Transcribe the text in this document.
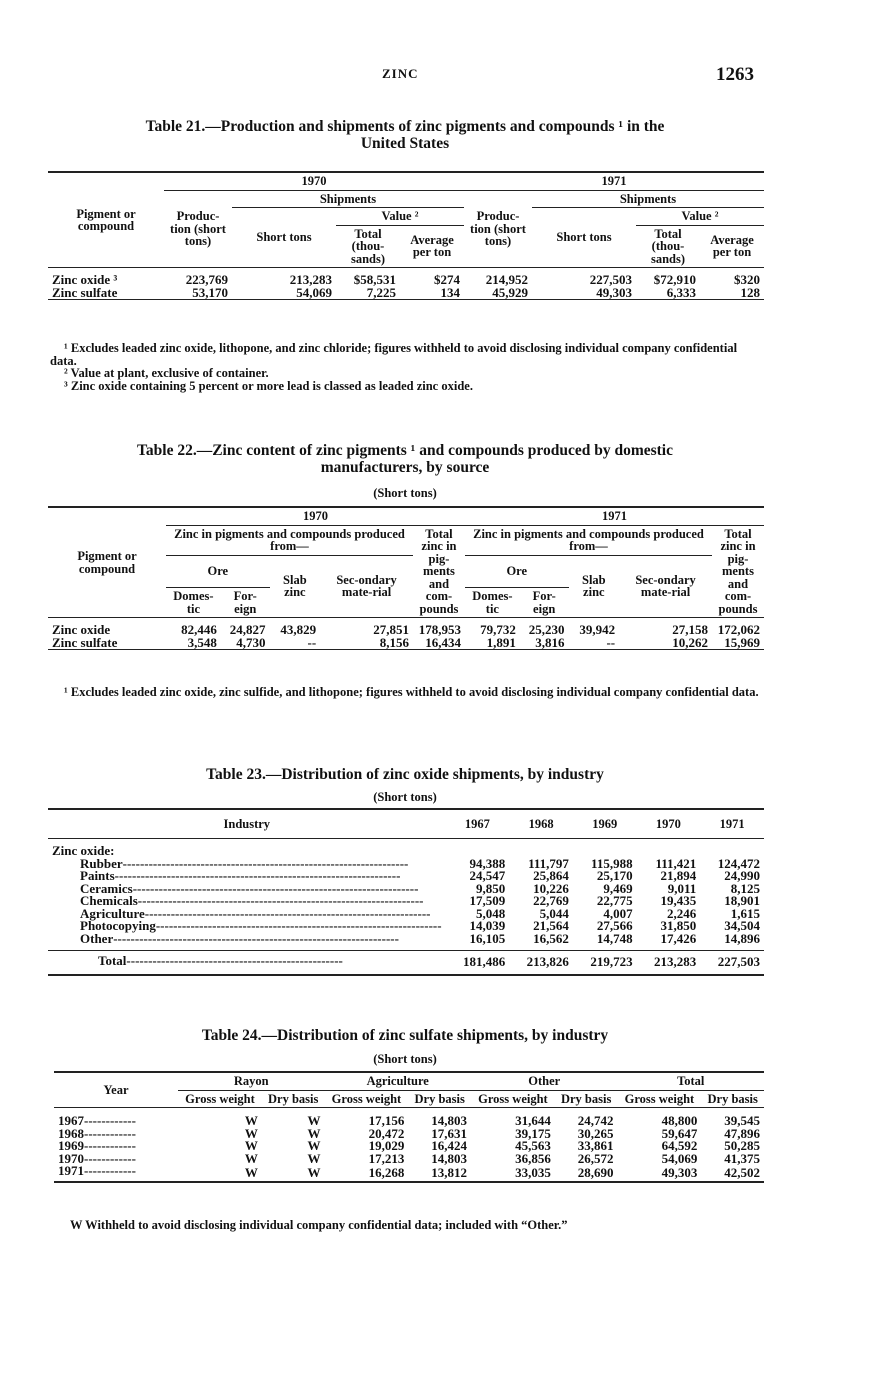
ZINC	1263
Table 21.—Production and shipments of zinc pigments and compounds ¹ in the
United States
Pigment or compound	1970				1971			
	Produc-tion (short tons)	Shipments			Produc-tion (short tons)	Shipments		
		Short tons	Value ²			Short tons	Value ²	
			Total (thou-sands)	Average per ton			Total (thou-sands)	Average per ton

Zinc oxide ³	223,769	213,283	$58,531	$274	214,952	227,503	$72,910	$320
Zinc sulfate	53,170	54,069	7,225	134	45,929	49,303	6,333	128
¹ Excludes leaded zinc oxide, lithopone, and zinc chloride; figures withheld to avoid disclosing individual company confidential data.
² Value at plant, exclusive of container.
³ Zinc oxide containing 5 percent or more lead is classed as leaded zinc oxide.
Table 22.—Zinc content of zinc pigments ¹ and compounds produced by domestic
manufacturers, by source
(Short tons)
Pigment or compound	1970					1971				
	Zinc in pigments and compounds produced from—				Total zinc in pig-ments and com-pounds	Zinc in pigments and compounds produced from—				Total zinc in pig-ments and com-pounds
	Ore		Slab zinc	Sec-ondary mate-rial		Ore		Slab zinc	Sec-ondary mate-rial	
	Domes-tic	For-eign				Domes-tic	For-eign			

Zinc oxide	82,446	24,827	43,829	27,851	178,953	79,732	25,230	39,942	27,158	172,062
Zinc sulfate	3,548	4,730	--	8,156	16,434	1,891	3,816	--	10,262	15,969
¹ Excludes leaded zinc oxide, zinc sulfide, and lithopone; figures withheld to avoid disclosing individual company confidential data.
Table 23.—Distribution of zinc oxide shipments, by industry
(Short tons)
Industry	1967	1968	1969	1970	1971

Zinc oxide:					
Rubber------------------------------------------------------------------	94,388	111,797	115,988	111,421	124,472
Paints------------------------------------------------------------------	24,547	25,864	25,170	21,894	24,990
Ceramics------------------------------------------------------------------	9,850	10,226	9,469	9,011	8,125
Chemicals------------------------------------------------------------------	17,509	22,769	22,775	19,435	18,901
Agriculture------------------------------------------------------------------	5,048	5,044	4,007	2,246	1,615
Photocopying------------------------------------------------------------------	14,039	21,564	27,566	31,850	34,504
Other------------------------------------------------------------------	16,105	16,562	14,748	17,426	14,896

Total--------------------------------------------------	181,486	213,826	219,723	213,283	227,503
Table 24.—Distribution of zinc sulfate shipments, by industry
(Short tons)
Year	Rayon		Agriculture		Other		Total	
	Gross weight	Dry basis	Gross weight	Dry basis	Gross weight	Dry basis	Gross weight	Dry basis

1967------------	W	W	17,156	14,803	31,644	24,742	48,800	39,545
1968------------	W	W	20,472	17,631	39,175	30,265	59,647	47,896
1969------------	W	W	19,029	16,424	45,563	33,861	64,592	50,285
1970------------	W	W	17,213	14,803	36,856	26,572	54,069	41,375
1971------------	W	W	16,268	13,812	33,035	28,690	49,303	42,502
W Withheld to avoid disclosing individual company confidential data; included with “Other.”
